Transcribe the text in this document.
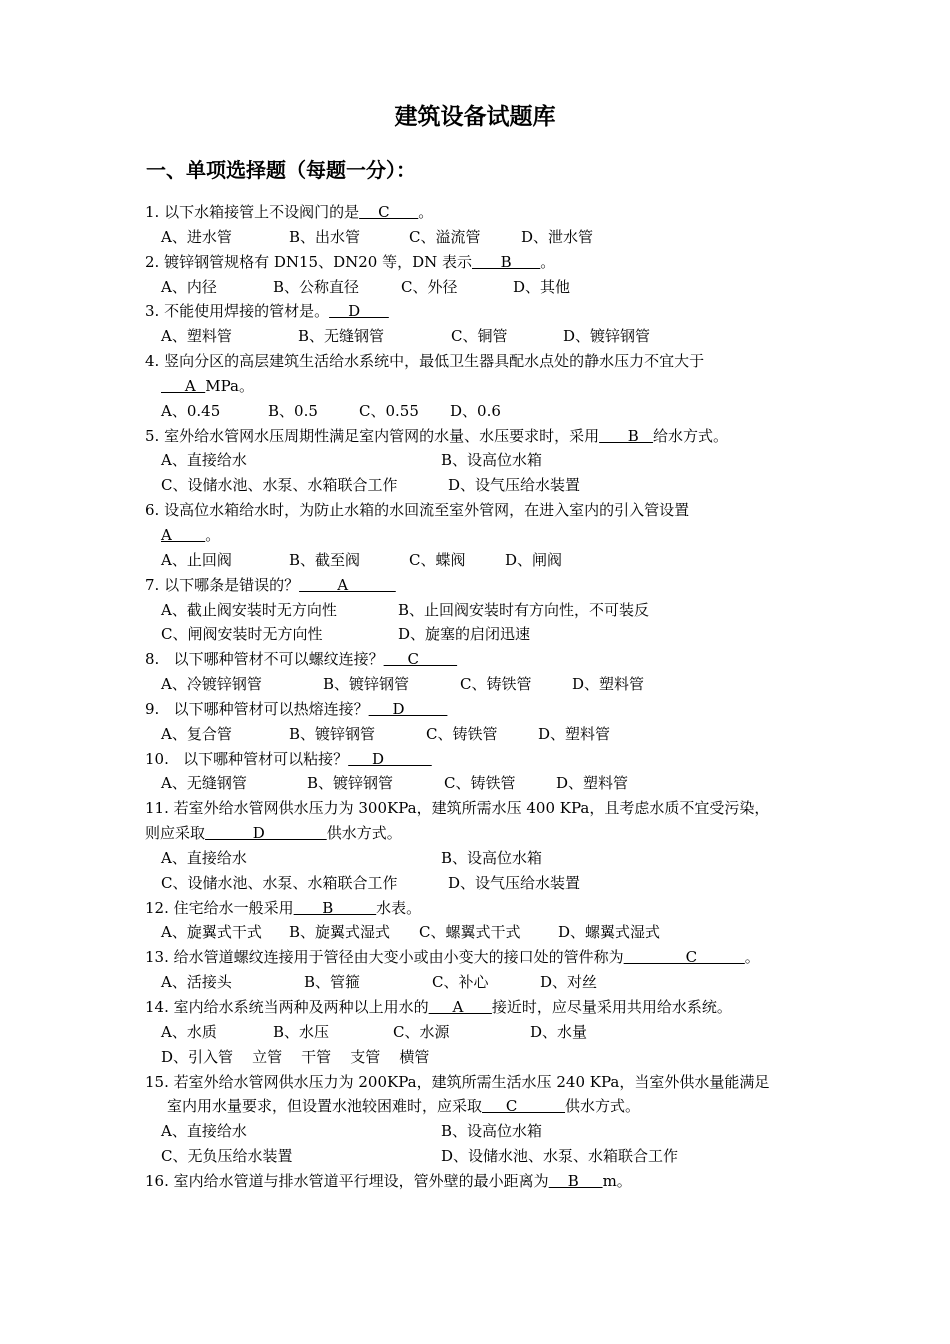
建筑设备试题库
一、单项选择题（每题一分）：
1. 以下水箱接管上不设阀门的是    C      。
A、进水管	B、出水管	C、溢流管	D、泄水管
2. 镀锌钢管规格有 DN15、DN20 等，DN 表示      B      。
A、内径	B、公称直径	C、外径	D、其他
3. 不能使用焊接的管材是。    D
A、塑料管	B、无缝钢管	C、铜管	D、镀锌钢管
4. 竖向分区的高层建筑生活给水系统中，最低卫生器具配水点处的静水压力不宜大于
A  MPa。
A、0.45	B、0.5	C、0.55 D、0.6
5. 室外给水管网水压周期性满足室内管网的水量、水压要求时，采用      B   给水方式。
A、直接给水	B、设高位水箱
C、设储水池、水泵、水箱联合工作	D、设气压给水装置
6. 设高位水箱给水时，为防止水箱的水回流至室外管网，在进入室内的引入管设置
A       。
A、止回阀	B、截至阀	C、蝶阀	D、闸阀
7. 以下哪条是错误的？        A
A、截止阀安装时无方向性	B、止回阀安装时有方向性，不可装反
C、闸阀安装时无方向性	D、旋塞的启闭迅速
8.   以下哪种管材不可以螺纹连接？     C
A、冷镀锌钢管	B、镀锌钢管	C、铸铁管	D、塑料管
9.   以下哪种管材可以热熔连接？     D
A、复合管	B、镀锌钢管	C、铸铁管	D、塑料管
10.   以下哪种管材可以粘接？     D
A、无缝钢管	B、镀锌钢管	C、铸铁管	D、塑料管
11. 若室外给水管网供水压力为 300KPa，建筑所需水压 400 KPa，且考虑水质不宜受污染，
则应采取          D             供水方式。
A、直接给水	B、设高位水箱
C、设储水池、水泵、水箱联合工作	D、设气压给水装置
12. 住宅给水一般采用      B         水表。
A、旋翼式干式 B、旋翼式湿式 C、螺翼式干式	D、螺翼式湿式
13. 给水管道螺纹连接用于管径由大变小或由小变大的接口处的管件称为             C          。
A、活接头	B、管箍	C、补心	D、对丝
14. 室内给水系统当两种及两种以上用水的     A      接近时，应尽量采用共用给水系统。
A、水质	B、水压	C、水源	D、水量
D、引入管    立管    干管    支管    横管
15. 若室外给水管网供水压力为 200KPa，建筑所需生活水压 240 KPa，当室外供水量能满足
室内用水量要求，但设置水池较困难时，应采取     C          供水方式。
A、直接给水	B、设高位水箱
C、无负压给水装置	D、设储水池、水泵、水箱联合工作
16. 室内给水管道与排水管道平行埋设，管外壁的最小距离为    B     m。
